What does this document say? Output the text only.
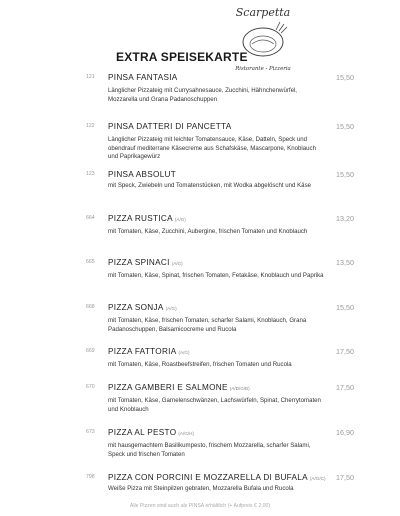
EXTRA SPEISEKARTE
Scarpetta
Ristorante - Pizzeria
121	PINSA FANTASIA	15,50
Länglicher Pizzateig mit Currysahnesauce, Zucchini, Hähnchenwürfel, Mozzarella und Grana Padanoschuppen
122	PINSA DATTERI DI PANCETTA	15,50
Länglicher Pizzateig mit leichter Tomatensauce, Käse, Datteln, Speck und obendrauf mediterrane Käsecreme aus Schafskäse, Mascarpone, Knoblauch und Paprikagewürz
123	PINSA ABSOLUT	15,50
mit Speck, Zwiebeln und Tomatenstücken, mit Wodka abgelöscht und Käse
664	PIZZA RUSTICA (A/G)	13,20
mit Tomaten, Käse, Zucchini, Aubergine, frischen Tomaten und Knoblauch
665	PIZZA SPINACI (A/G)	13,50
mit Tomaten, Käse, Spinat, frischen Tomaten, Fetakäse, Knoblauch und Paprika
668	PIZZA SONJA (A/G)	15,50
mit Tomaten, Käse, frischen Tomaten, scharfer Salami, Knoblauch, Grana Padanoschuppen, Balsamicocreme und Rucola
669	PIZZA FATTORIA (A/G)	17,50
mit Tomaten, Käse, Roastbeefstreifen, frischen Tomaten und Rucola
670	PIZZA GAMBERI E SALMONE (A/D/G/B)	17,50
mit Tomaten, Käse, Garnelenschwänzen, Lachswürfeln, Spinat, Cherrytomaten und Knoblauch
673	PIZZA AL PESTO (A/G/H)	16,90
mit hausgemachtem Basilikumpesto, frischem Mozzarella, scharfer Salami, Speck und frischen Tomaten
798	PIZZA CON PORCINI E MOZZARELLA DI BUFALA (A/G/C) 17,50
Weiße Pizza mit Steinpilzen gebraten, Mozzarella Bufala und Rucola
Alle Pizzen sind auch als PINSA erhältlich (+ Aufpreis € 2,00)
